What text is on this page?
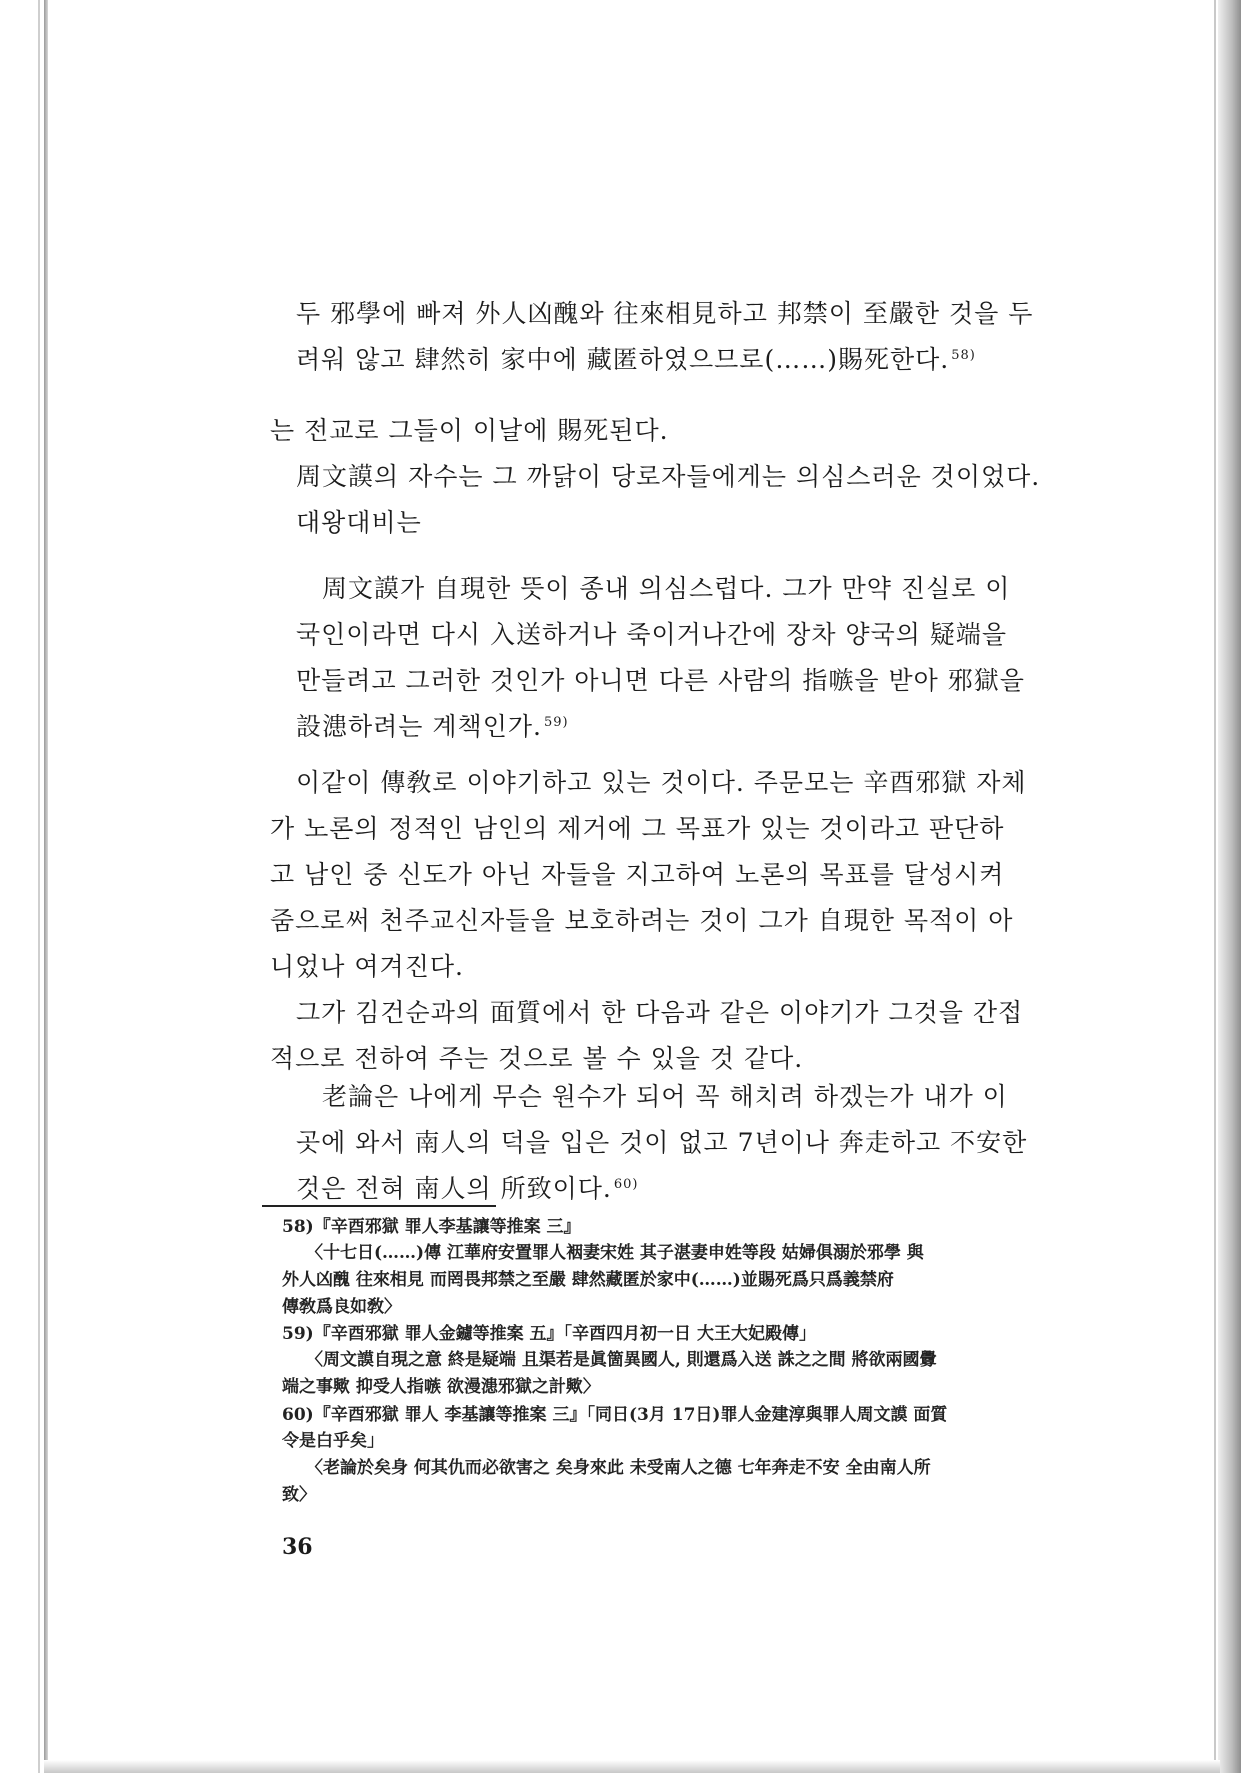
두 邪學에 빠져 外人凶醜와 往來相見하고 邦禁이 至嚴한 것을 두
려워 않고 肆然히 家中에 藏匿하였으므로(……)賜死한다. $^{58)}$
는 전교로 그들이 이날에 賜死된다.
周文謨의 자수는 그 까닭이 당로자들에게는 의심스러운 것이었다.
대왕대비는
周文謨가 自現한 뜻이 종내 의심스럽다. 그가 만약 진실로 이
국인이라면 다시 入送하거나 죽이거나간에 장차 양국의 疑端을
만들려고 그러한 것인가 아니면 다른 사람의 指嗾을 받아 邪獄을
設漶하려는 계책인가. $^{59)}$
이같이 傳敎로 이야기하고 있는 것이다. 주문모는 辛酉邪獄 자체
가 노론의 정적인 남인의 제거에 그 목표가 있는 것이라고 판단하
고 남인 중 신도가 아닌 자들을 지고하여 노론의 목표를 달성시켜
줌으로써 천주교신자들을 보호하려는 것이 그가 自現한 목적이 아
니었나 여겨진다.
그가 김건순과의 面質에서 한 다음과 같은 이야기가 그것을 간접
적으로 전하여 주는 것으로 볼 수 있을 것 같다.
老論은 나에게 무슨 원수가 되어 꼭 해치려 하겠는가 내가 이
곳에 와서 南人의 덕을 입은 것이 없고 7년이나 奔走하고 不安한
것은 전혀 南人의 所致이다. $^{60)}$
58)『辛酉邪獄 罪人李基讓等推案 三』
〈十七日(……)傳 江華府安置罪人裀妻宋姓 其子湛妻申姓等段 姑婦俱溺於邪學 與
外人凶醜 往來相見 而罔畏邦禁之至嚴 肆然藏匿於家中(……)並賜死爲只爲義禁府
傳敎爲良如敎〉
59)『辛酉邪獄 罪人金鑢等推案 五』「辛酉四月初一日 大王大妃殿傳」
〈周文謨自現之意 終是疑端 且渠若是眞箇異國人, 則還爲入送 誅之之間 將欲兩國釁
端之事歟 抑受人指嗾 欲漫漶邪獄之計歟〉
60)『辛酉邪獄 罪人 李基讓等推案 三』「同日(3月 17日)罪人金建淳與罪人周文謨 面質
令是白乎矣」
〈老論於矣身 何其仇而必欲害之 矣身來此 未受南人之德 七年奔走不安 全由南人所
致〉
36
